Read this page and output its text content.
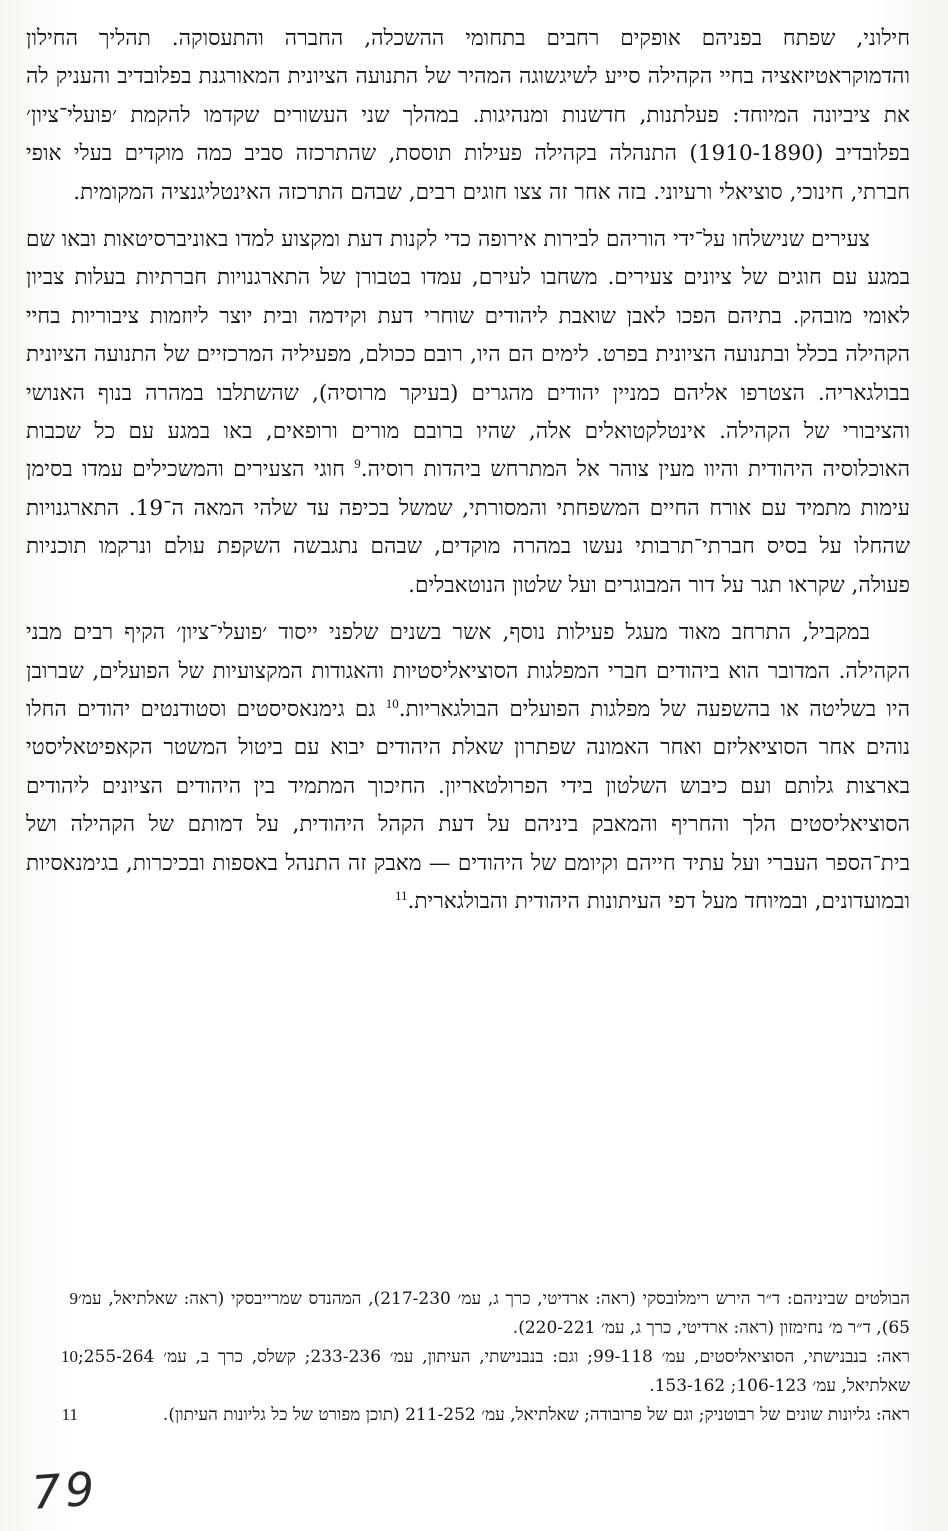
חילוני, שפתח בפניהם אופקים רחבים בתחומי ההשכלה, החברה והתעסוקה. תהליך החילון והדמוקראטיזאציה בחיי הקהילה סייע לשיגשוגה המהיר של התנועה הציונית המאורגנת בפלובדיב והעניק לה את ציביונה המיוחד: פעלתנות, חדשנות ומנהיגות. במהלך שני העשורים שקדמו להקמת ׳פועלי־ציון׳ בפלובדיב (1910-1890) התנהלה בקהילה פעילות תוססת, שהתרכזה סביב כמה מוקדים בעלי אופי חברתי, חינוכי, סוציאלי ורעיוני. בזה אחר זה צצו חוגים רבים, שבהם התרכזה האינטליגנציה המקומית.

צעירים שנישלחו על־ידי הוריהם לבירות אירופה כדי לקנות דעת ומקצוע למדו באוניברסיטאות ובאו שם במגע עם חוגים של ציונים צעירים. משחבו לעירם, עמדו בטבורן של התארגנויות חברתיות בעלות צביון לאומי מובהק. בתיהם הפכו לאבן שואבת ליהודים שוחרי דעת וקידמה ובית יוצר ליוזמות ציבוריות בחיי הקהילה בכלל ובתנועה הציונית בפרט. לימים הם היו, רובם ככולם, מפעיליה המרכזיים של התנועה הציונית בבולגאריה. הצטרפו אליהם כמניין יהודים מהגרים (בעיקר מרוסיה), שהשתלבו במהרה בנוף האנושי והציבורי של הקהילה. אינטלקטואלים אלה, שהיו ברובם מורים ורופאים, באו במגע עם כל שכבות האוכלוסיה היהודית והיוו מעין צוהר אל המתרחש ביהדות רוסיה.$^9$ חוגי הצעירים והמשכילים עמדו בסימן עימות מתמיד עם אורח החיים המשפחתי והמסורתי, שמשל בכיפה עד שלהי המאה ה־19. התארגנויות שהחלו על בסיס חברתי־תרבותי נעשו במהרה מוקדים, שבהם נתגבשה השקפת עולם ונרקמו תוכניות פעולה, שקראו תגר על דור המבוגרים ועל שלטון הנוטאבלים.

במקביל, התרחב מאוד מעגל פעילות נוסף, אשר בשנים שלפני ייסוד ׳פועלי־ציון׳ הקיף רבים מבני הקהילה. המדובר הוא ביהודים חברי המפלגות הסוציאליסטיות והאגודות המקצועיות של הפועלים, שברובן היו בשליטה או בהשפעה של מפלגות הפועלים הבולגאריות.$^{10}$ גם גימנאסיסטים וסטודנטים יהודים החלו נוהים אחר הסוציאליזם ואחר האמונה שפתרון שאלת היהודים יבוא עם ביטול המשטר הקאפיטאליסטי בארצות גלותם ועם כיבוש השלטון בידי הפרולטאריון. החיכוך המתמיד בין היהודים הציונים ליהודים הסוציאליסטים הלך והחריף והמאבק ביניהם על דעת הקהל היהודית, על דמותם של הקהילה ושל בית־הספר העברי ועל עתיד חייהם וקיומם של היהודים — מאבק זה התנהל באספות ובכיכרות, בגימנאסיות ובמועדונים, ובמיוחד מעל דפי העיתונות היהודית והבולגארית.$^{11}$

הבולטים שביניהם: ד״ר הירש רימלובסקי (ראה: ארדיטי, כרך ג, עמ׳ 217-230), המהנדס שמרייבסקי (ראה: שאלתיאל, עמ׳ 65), ד״ר מ׳ נחימזון (ראה: ארדיטי, כרך ג, עמ׳ 220-221).
9
ראה: בנבנישתי, הסוציאליסטים, עמ׳ 99-118; וגם: בנבנישתי, העיתון, עמ׳ 233-236; קשלס, כרך ב, עמ׳ 255-264; שאלתיאל, עמ׳ 106-123; 153-162.
10
ראה: גליונות שונים של רבוטניק; וגם של פרובודה; שאלתיאל, עמ׳ 211-252 (תוכן מפורט של כל גליונות העיתון).
11
79
